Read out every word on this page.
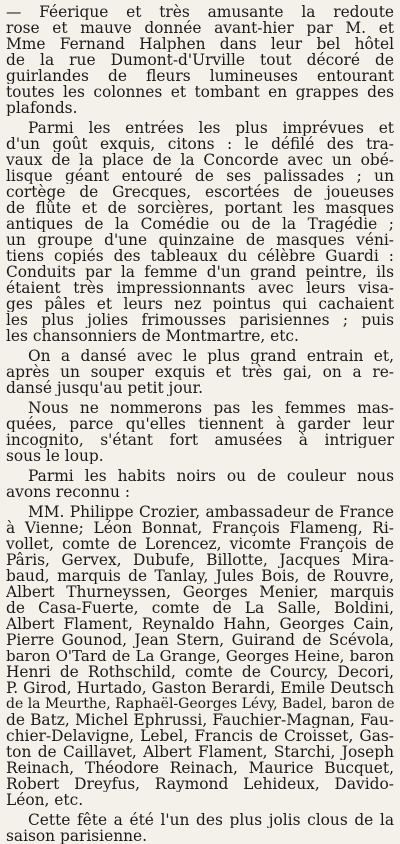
— Féerique et très amusante la redoute
rose et mauve donnée avant-hier par M. et
Mme Fernand Halphen dans leur bel hôtel
de la rue Dumont-d'Urville tout décoré de
guirlandes de fleurs lumineuses entourant
toutes les colonnes et tombant en grappes des
plafonds.
Parmi les entrées les plus imprévues et
d'un goût exquis, citons : le défilé des tra-
vaux de la place de la Concorde avec un obé-
lisque géant entouré de ses palissades ; un
cortège de Grecques, escortées de joueuses
de flûte et de sorcières, portant les masques
antiques de la Comédie ou de la Tragédie ;
un groupe d'une quinzaine de masques véni-
tiens copiés des tableaux du célèbre Guardi :
Conduits par la femme d'un grand peintre, ils
étaient très impressionnants avec leurs visa-
ges pâles et leurs nez pointus qui cachaient
les plus jolies frimousses parisiennes ; puis
les chansonniers de Montmartre, etc.
On a dansé avec le plus grand entrain et,
après un souper exquis et très gai, on a re-
dansé jusqu'au petit jour.
Nous ne nommerons pas les femmes mas-
quées, parce qu'elles tiennent à garder leur
incognito, s'étant fort amusées à intriguer
sous le loup.
Parmi les habits noirs ou de couleur nous
avons reconnu :
MM. Philippe Crozier, ambassadeur de France
à Vienne; Léon Bonnat, François Flameng, Ri-
vollet, comte de Lorencez, vicomte François de
Pâris, Gervex, Dubufe, Billotte, Jacques Mira-
baud, marquis de Tanlay, Jules Bois, de Rouvre,
Albert Thurneyssen, Georges Menier, marquis
de Casa-Fuerte, comte de La Salle, Boldini,
Albert Flament, Reynaldo Hahn, Georges Cain,
Pierre Gounod, Jean Stern, Guirand de Scévola,
baron O'Tard de La Grange, Georges Heine, baron
Henri de Rothschild, comte de Courcy, Decori,
P. Girod, Hurtado, Gaston Berardi, Emile Deutsch
de la Meurthe, Raphaël-Georges Lévy, Badel, baron de
de Batz, Michel Ephrussi, Fauchier-Magnan, Fau-
chier-Delavigne, Lebel, Francis de Croisset, Gas-
ton de Caillavet, Albert Flament, Starchi, Joseph
Reinach, Théodore Reinach, Maurice Bucquet,
Robert Dreyfus, Raymond Lehideux, Davido-
Léon, etc.
Cette fête a été l'un des plus jolis clous de la
saison parisienne.
